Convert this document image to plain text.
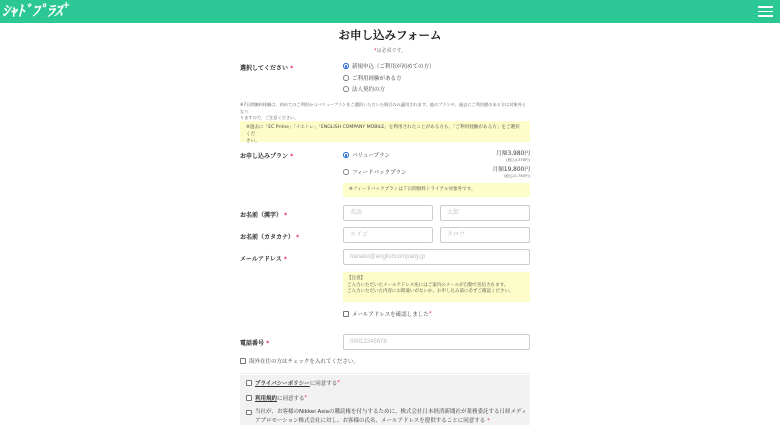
ｼｬﾄﾞﾌﾟﾗｽ+
お申し込みフォーム
*は必須です。
選択してください *	新規申込（ご利用が初めての方）
ご利用経験がある方
法人契約の方
※7日間無料体験は、初めてのご利用かつバリュープランをご選択いただいた場合のみ適用されます。他のプランや、過去にご利用歴のある方は対象外となり
りますので、ご注意ください。
※過去に「EC Prime」「イエトレ」「ENGLISH COMPANY MOBILE」を利用されたことがある方も、「ご利用経験がある方」をご選択くだ
さい。
お申し込みプラン *	バリュープラン	月額3,980円
(税込4,378円)
フィードバックプラン	月額19,800円
(税込21,780円)
※フィードバックプランは７日間無料トライアル対象外です。
お名前（漢字） *	英語	太郎
お名前（カタカナ） *	エイゴ	タロウ
メールアドレス *	hanako@englishcompany.jp
【注意】
ご入力いただいたメールアドレス宛にはご案内のメールが自動で送信されます。
ご入力いただいた内容にお間違いがないか、お申し込み前に必ずご確認ください。
メールアドレスを確認しました *
電話番号 *	09012345678
海外在住の方はチェックを入れてください。
プライバシーポリシー に同意する *
利用規約 に同意する *
当社が、お客様のNikkei Asiaの購読権を付与するために、株式会社日本経済新聞社が業務委託する日経メディ
アプロモーション株式会社に対し、お客様の氏名、メールアドレスを提供することに同意する *
